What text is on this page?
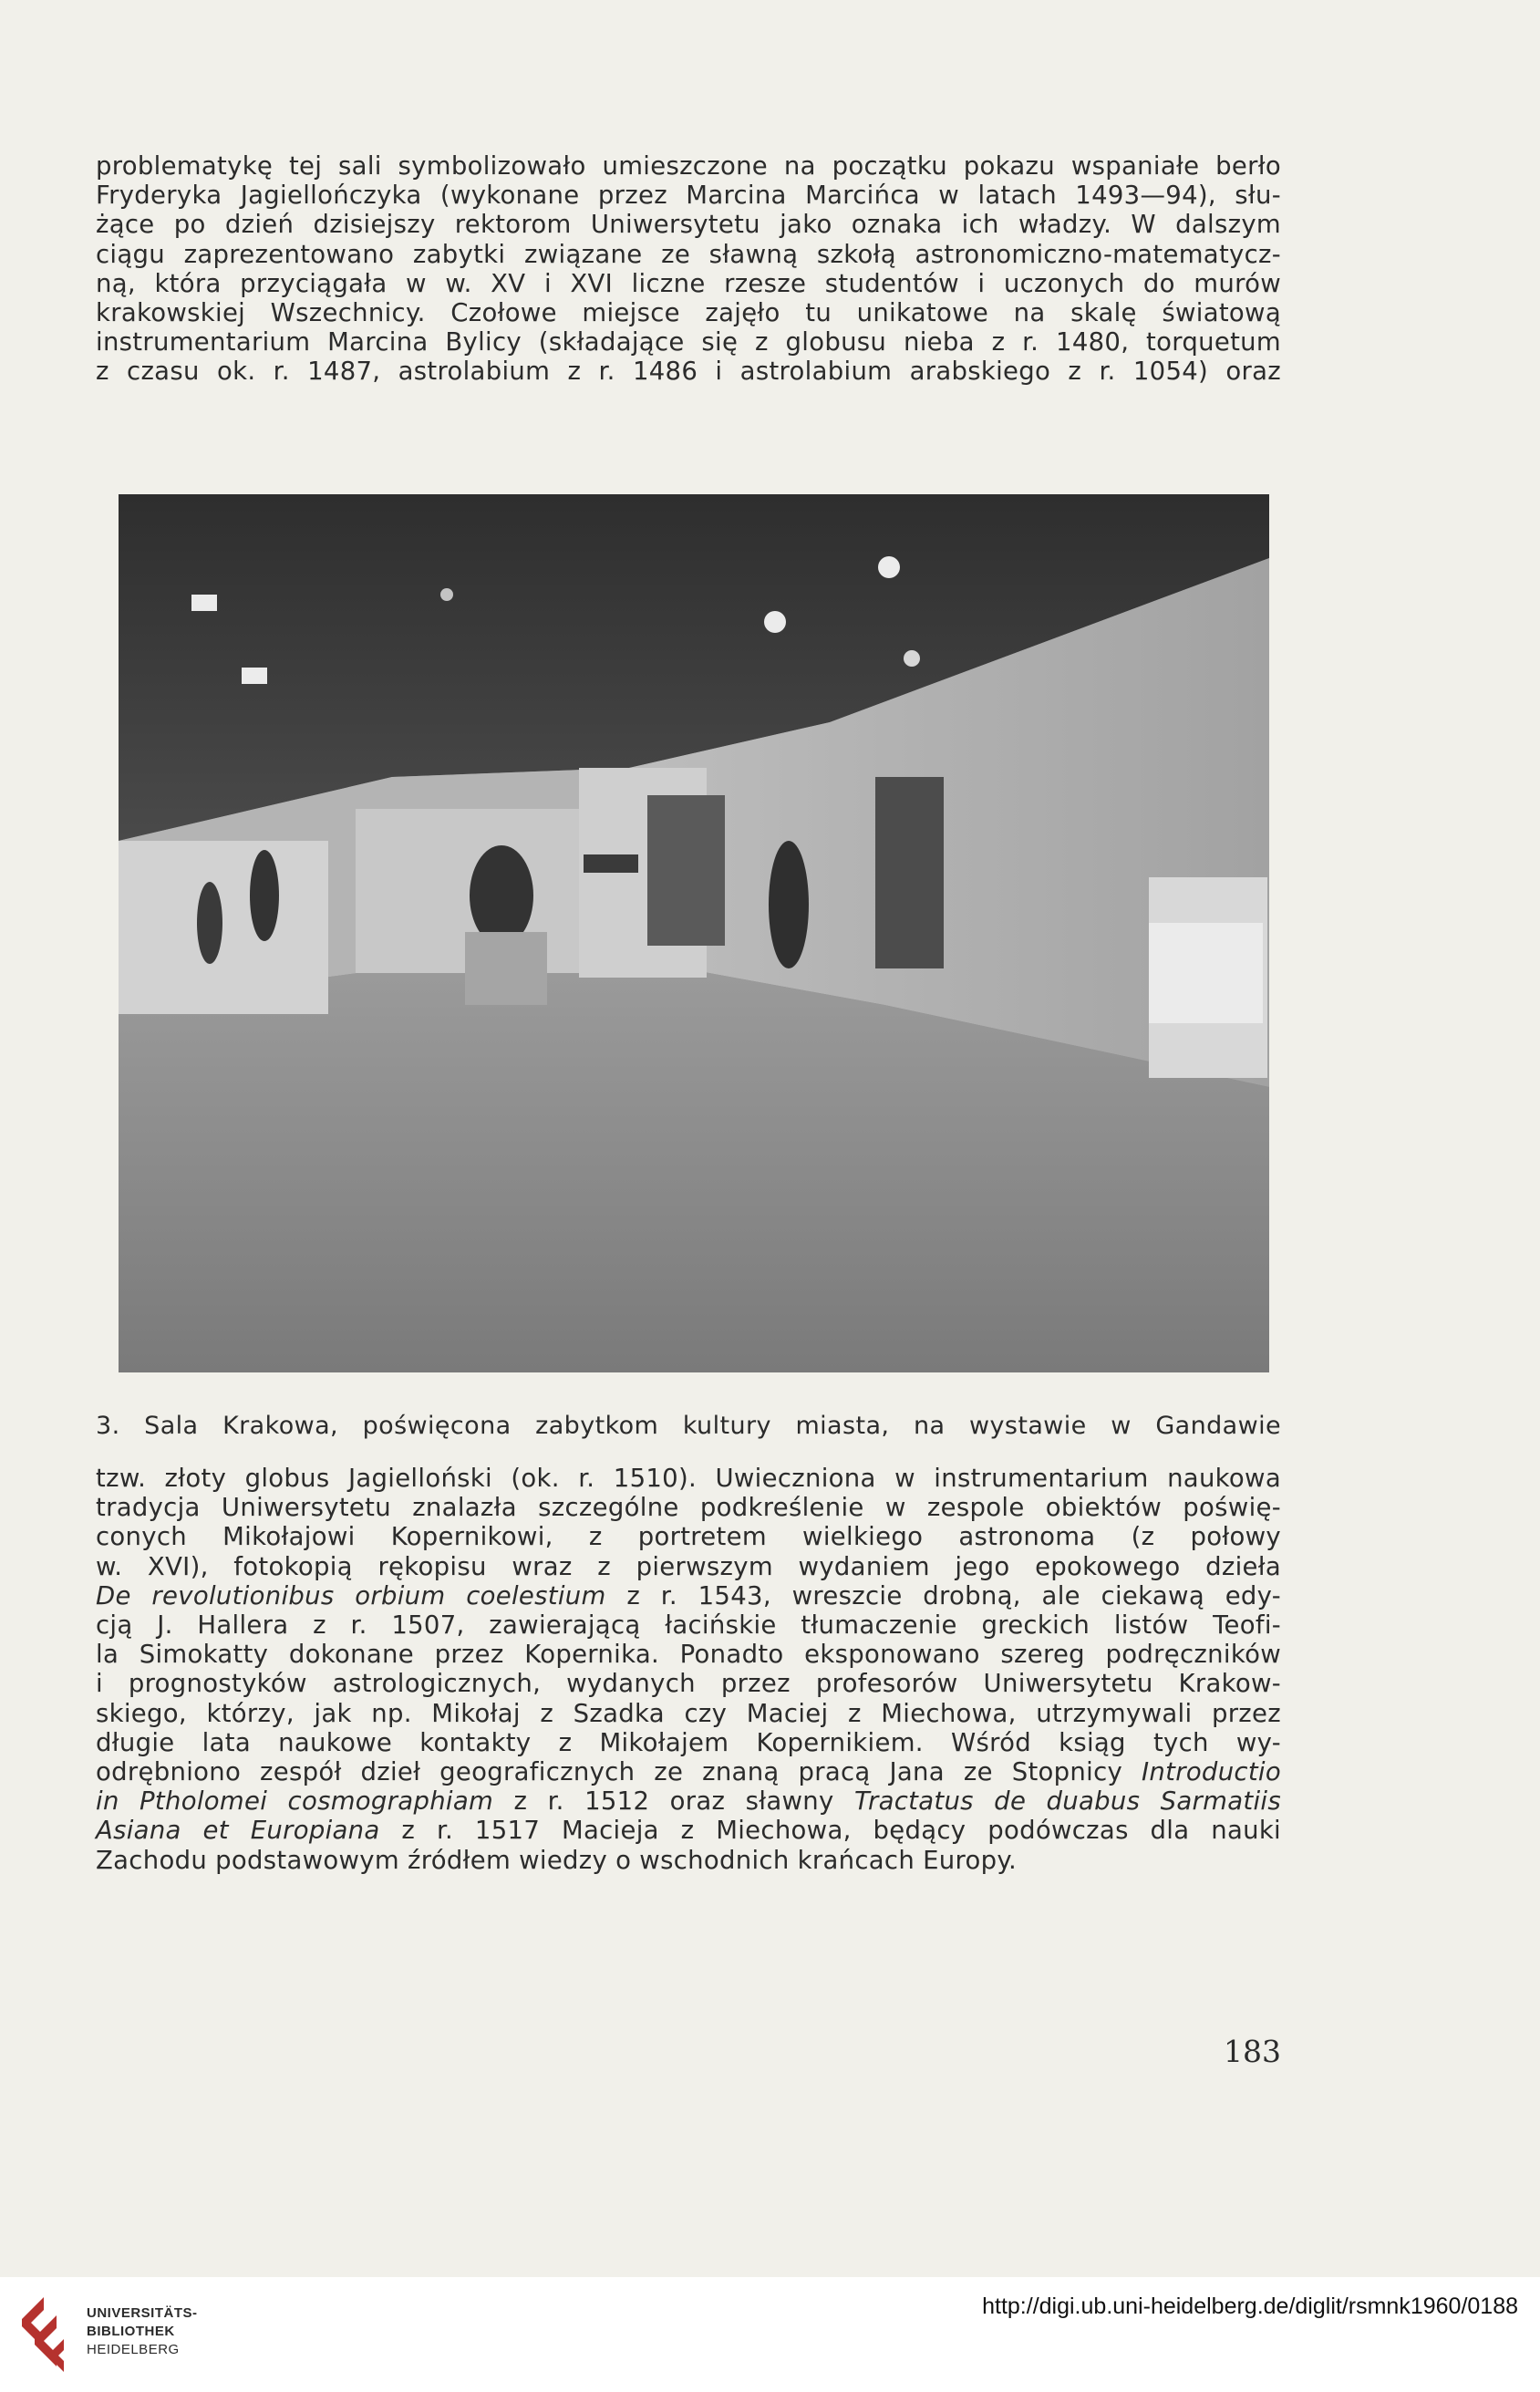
problematykę tej sali symbolizowało umieszczone na początku pokazu wspaniałe berło
Fryderyka Jagiellończyka (wykonane przez Marcina Marcińca w latach 1493—94), słu-
żące po dzień dzisiejszy rektorom Uniwersytetu jako oznaka ich władzy. W dalszym
ciągu zaprezentowano zabytki związane ze sławną szkołą astronomiczno-matematycz-
ną, która przyciągała w w. XV i XVI liczne rzesze studentów i uczonych do murów
krakowskiej Wszechnicy. Czołowe miejsce zajęło tu unikatowe na skalę światową
instrumentarium Marcina Bylicy (składające się z globusu nieba z r. 1480, torquetum
z czasu ok. r. 1487, astrolabium z r. 1486 i astrolabium arabskiego z r. 1054) oraz
3. Sala Krakowa, poświęcona zabytkom kultury miasta, na wystawie w Gandawie
tzw. złoty globus Jagielloński (ok. r. 1510). Uwieczniona w instrumentarium naukowa
tradycja Uniwersytetu znalazła szczególne podkreślenie w zespole obiektów poświę-
conych Mikołajowi Kopernikowi, z portretem wielkiego astronoma (z połowy
w. XVI), fotokopią rękopisu wraz z pierwszym wydaniem jego epokowego dzieła
De revolutionibus orbium coelestium z r. 1543, wreszcie drobną, ale ciekawą edy-
cją J. Hallera z r. 1507, zawierającą łacińskie tłumaczenie greckich listów Teofi-
la Simokatty dokonane przez Kopernika. Ponadto eksponowano szereg podręczników
i prognostyków astrologicznych, wydanych przez profesorów Uniwersytetu Krakow-
skiego, którzy, jak np. Mikołaj z Szadka czy Maciej z Miechowa, utrzymywali przez
długie lata naukowe kontakty z Mikołajem Kopernikiem. Wśród ksiąg tych wy-
odrębniono zespół dzieł geograficznych ze znaną pracą Jana ze Stopnicy Introductio
in Ptholomei cosmographiam z r. 1512 oraz sławny Tractatus de duabus Sarmatiis
Asiana et Europiana z r. 1517 Macieja z Miechowa, będący podówczas dla nauki
Zachodu podstawowym źródłem wiedzy o wschodnich krańcach Europy.
183
UNIVERSITÄTS-
BIBLIOTHEK
HEIDELBERG
http://digi.ub.uni-heidelberg.de/diglit/rsmnk1960/0188
